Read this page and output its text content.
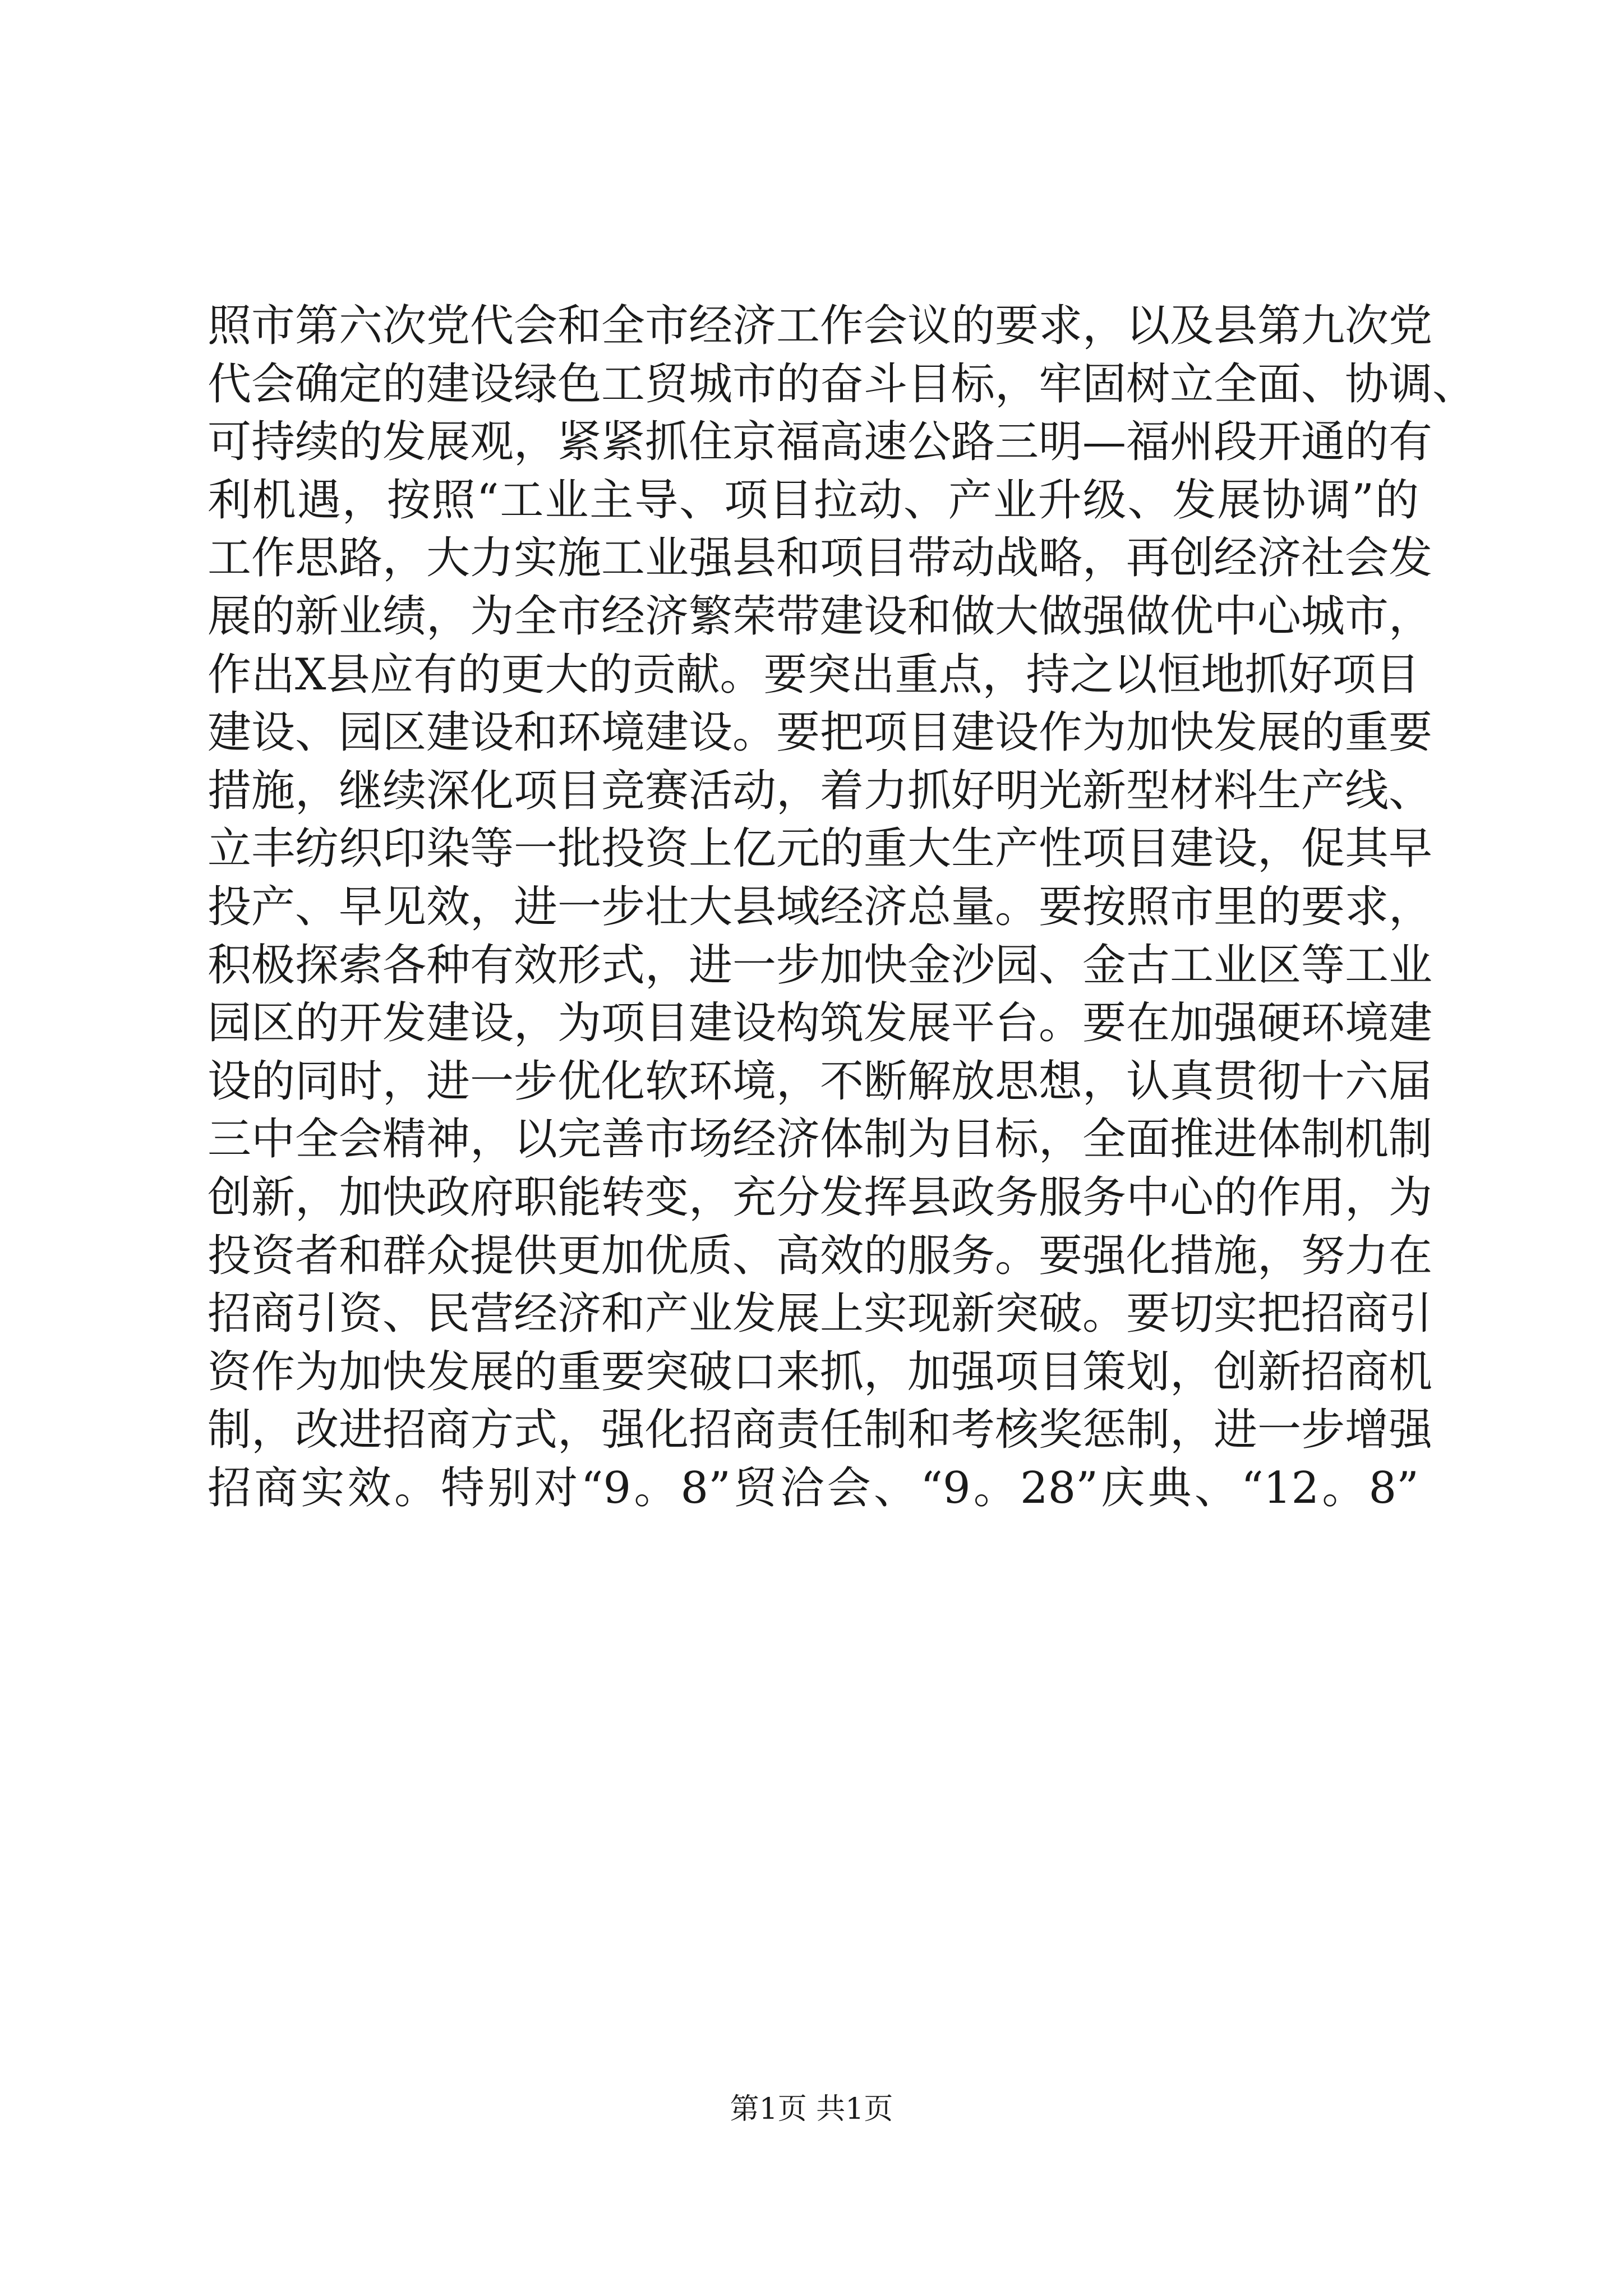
照市第六次党代会和全市经济工作会议的要求，以及县第九次党
代会确定的建设绿色工贸城市的奋斗目标，牢固树立全面、协调、
可持续的发展观，紧紧抓住京福高速公路三明—福州段开通的有
利机遇，按照“工业主导、项目拉动、产业升级、发展协调”的
工作思路，大力实施工业强县和项目带动战略，再创经济社会发
展的新业绩，为全市经济繁荣带建设和做大做强做优中心城市，
作出X县应有的更大的贡献。要突出重点，持之以恒地抓好项目
建设、园区建设和环境建设。要把项目建设作为加快发展的重要
措施，继续深化项目竞赛活动，着力抓好明光新型材料生产线、
立丰纺织印染等一批投资上亿元的重大生产性项目建设，促其早
投产、早见效，进一步壮大县域经济总量。要按照市里的要求，
积极探索各种有效形式，进一步加快金沙园、金古工业区等工业
园区的开发建设，为项目建设构筑发展平台。要在加强硬环境建
设的同时，进一步优化软环境，不断解放思想，认真贯彻十六届
三中全会精神，以完善市场经济体制为目标，全面推进体制机制
创新，加快政府职能转变，充分发挥县政务服务中心的作用，为
投资者和群众提供更加优质、高效的服务。要强化措施，努力在
招商引资、民营经济和产业发展上实现新突破。要切实把招商引
资作为加快发展的重要突破口来抓，加强项目策划，创新招商机
制，改进招商方式，强化招商责任制和考核奖惩制，进一步增强
招商实效。特别对“9。8”贸洽会、“9。28”庆典、“12。8”
第1页 共1页
